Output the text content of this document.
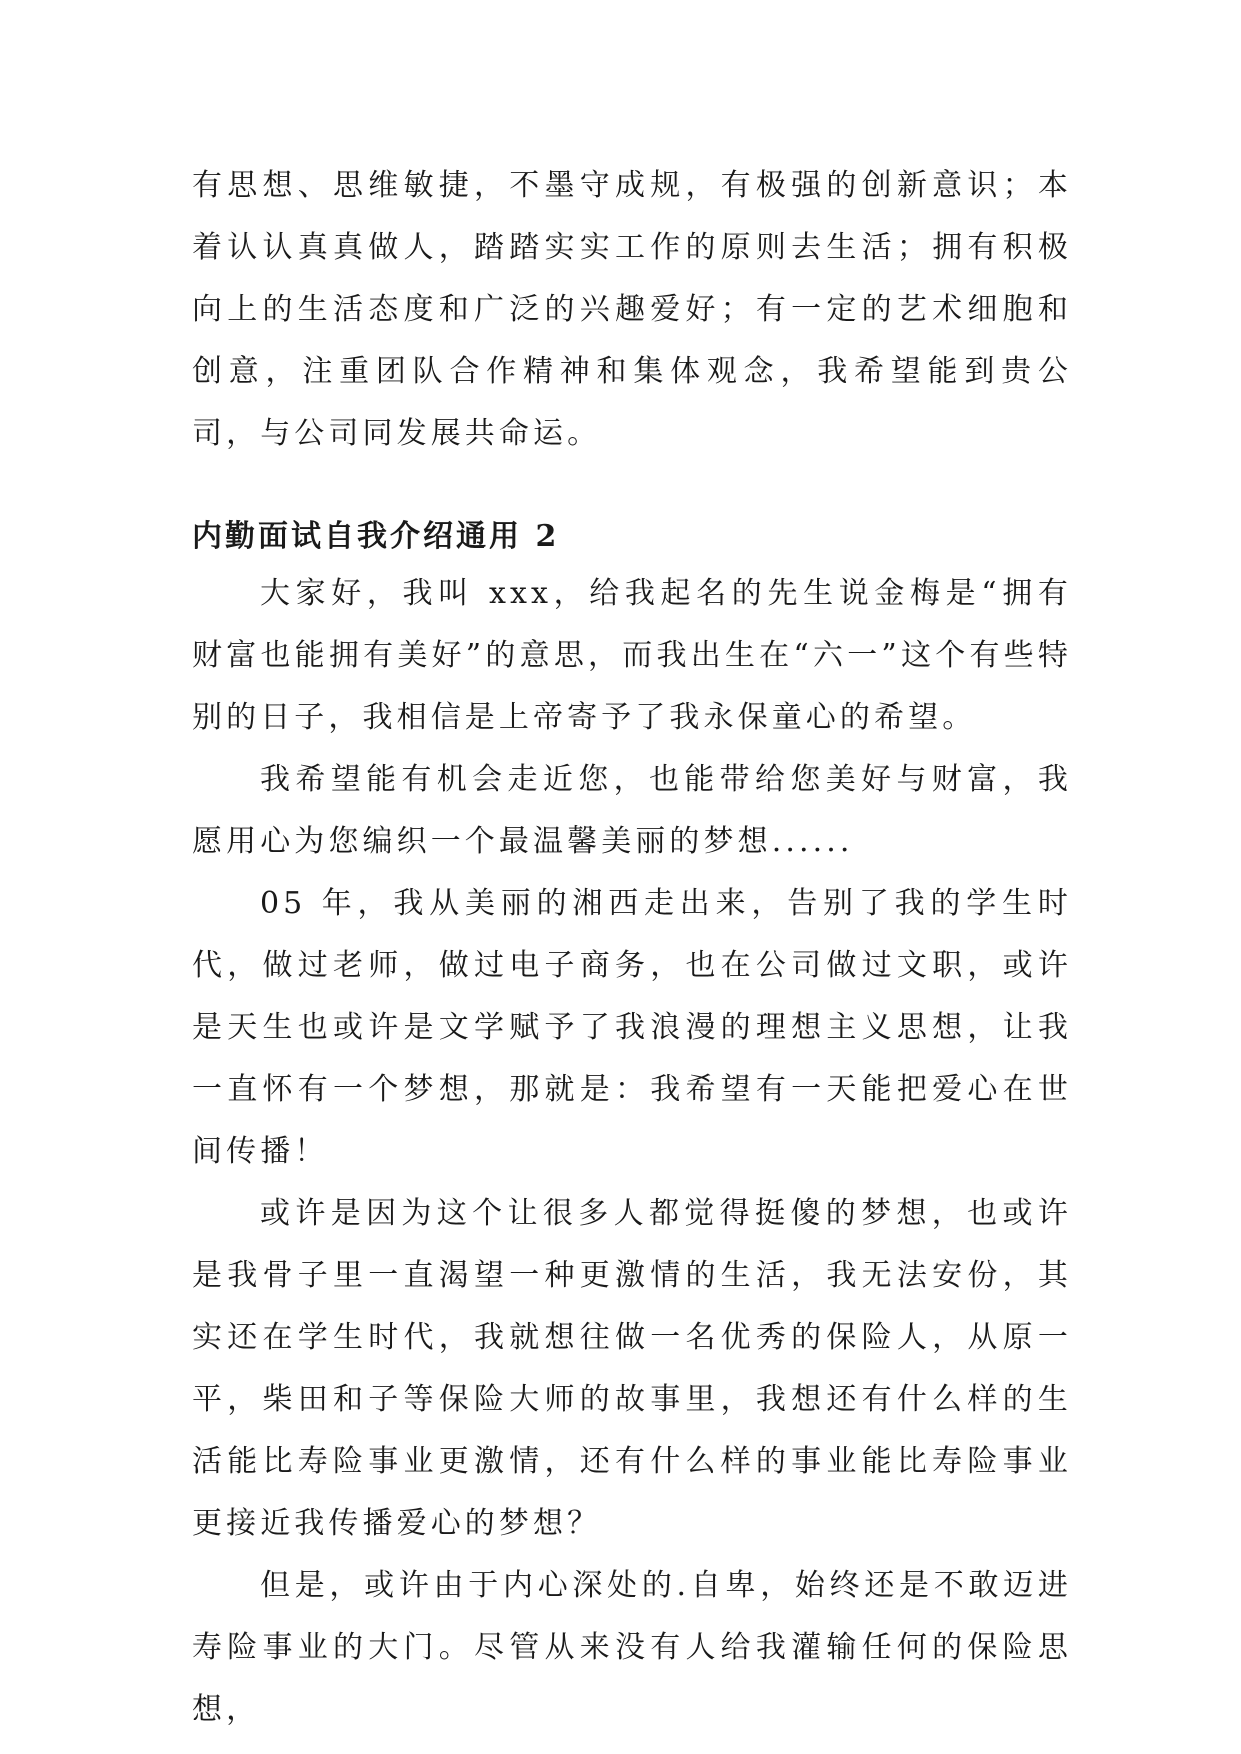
有思想、思维敏捷，不墨守成规，有极强的创新意识；本着认认真真做人，踏踏实实工作的原则去生活；拥有积极向上的生活态度和广泛的兴趣爱好；有一定的艺术细胞和创意，注重团队合作精神和集体观念，我希望能到贵公司，与公司同发展共命运。

内勤面试自我介绍通用 2

大家好，我叫 xxx，给我起名的先生说金梅是“拥有财富也能拥有美好”的意思，而我出生在“六一”这个有些特别的日子，我相信是上帝寄予了我永保童心的希望。

我希望能有机会走近您，也能带给您美好与财富，我愿用心为您编织一个最温馨美丽的梦想......

05 年，我从美丽的湘西走出来，告别了我的学生时代，做过老师，做过电子商务，也在公司做过文职，或许是天生也或许是文学赋予了我浪漫的理想主义思想，让我一直怀有一个梦想，那就是：我希望有一天能把爱心在世间传播！

或许是因为这个让很多人都觉得挺傻的梦想，也或许是我骨子里一直渴望一种更激情的生活，我无法安份，其实还在学生时代，我就想往做一名优秀的保险人，从原一平，柴田和子等保险大师的故事里，我想还有什么样的生活能比寿险事业更激情，还有什么样的事业能比寿险事业更接近我传播爱心的梦想？

但是，或许由于内心深处的.自卑，始终还是不敢迈进寿险事业的大门。尽管从来没有人给我灌输任何的保险思想，
